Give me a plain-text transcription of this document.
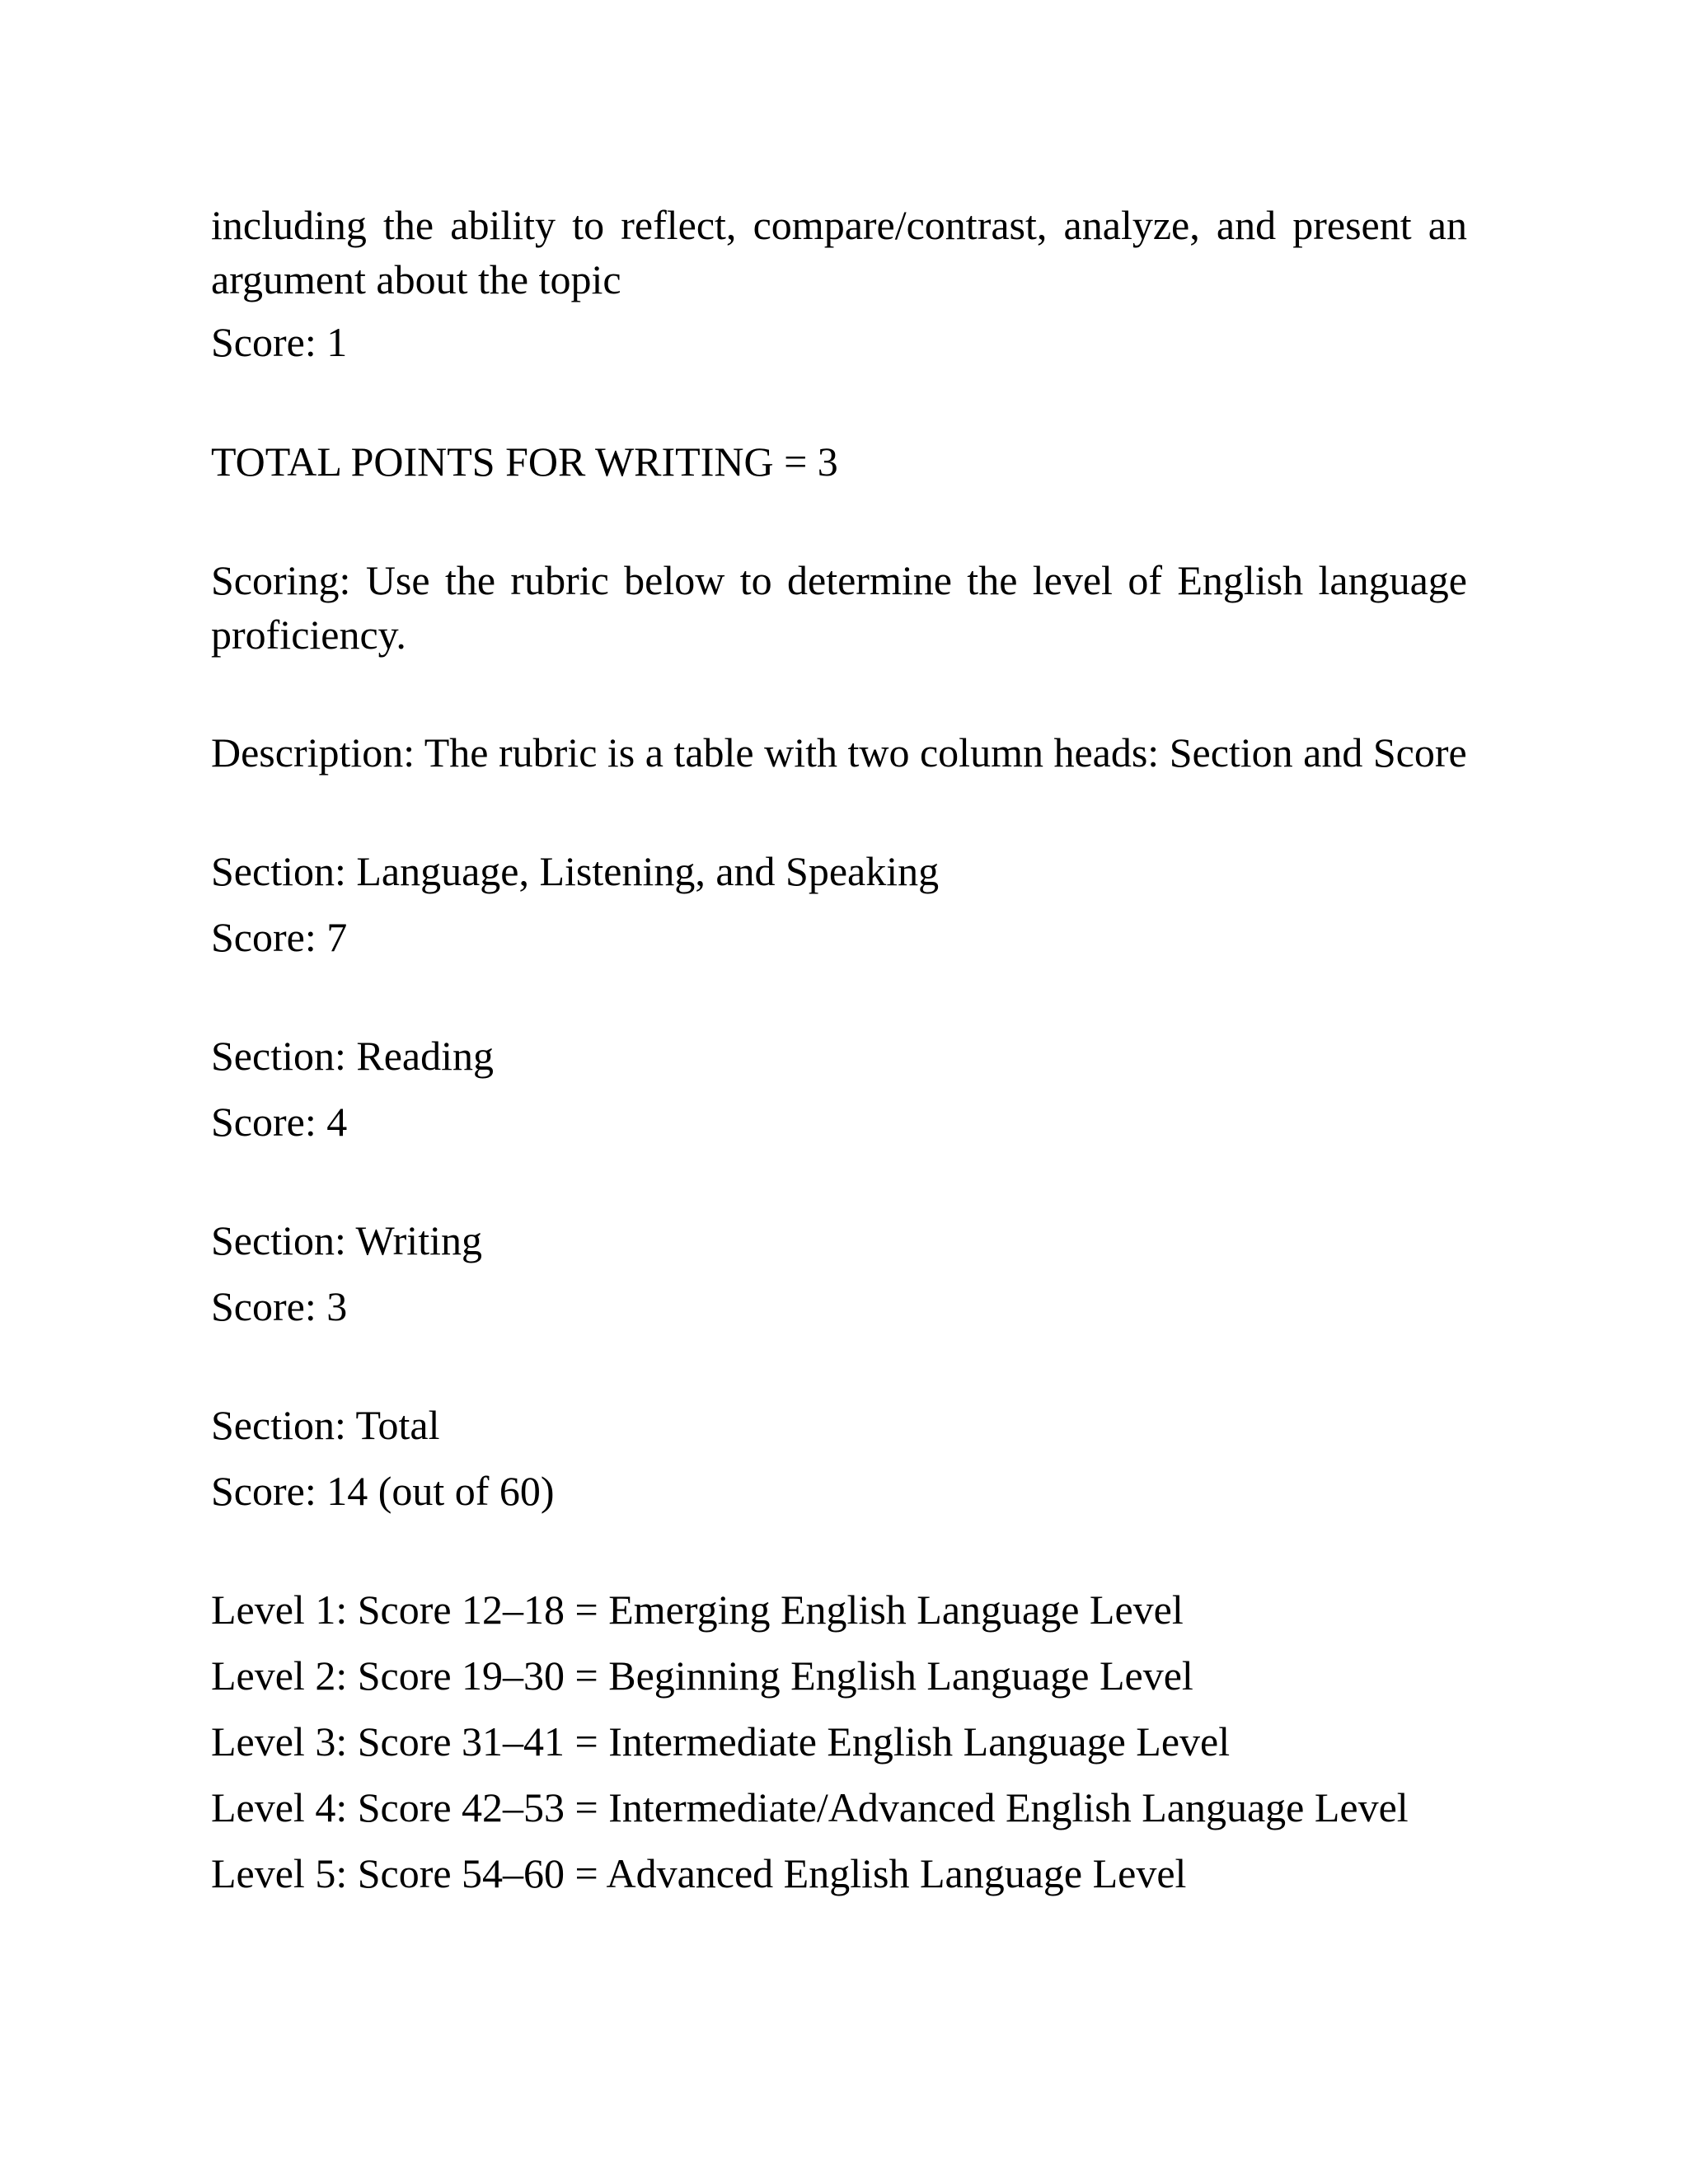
including the ability to reflect, compare/contrast, analyze, and present an argument about the topic

Score: 1

TOTAL POINTS FOR WRITING = 3

Scoring: Use the rubric below to determine the level of English language proficiency.

Description: The rubric is a table with two column heads: Section and Score

Section: Language, Listening, and Speaking

Score: 7

Section: Reading

Score: 4

Section: Writing

Score: 3

Section: Total

Score: 14 (out of 60)

Level 1: Score 12–18 = Emerging English Language Level

Level 2: Score 19–30 = Beginning English Language Level

Level 3: Score 31–41 = Intermediate English Language Level

Level 4: Score 42–53 = Intermediate/Advanced English Language Level

Level 5: Score 54–60 = Advanced English Language Level
